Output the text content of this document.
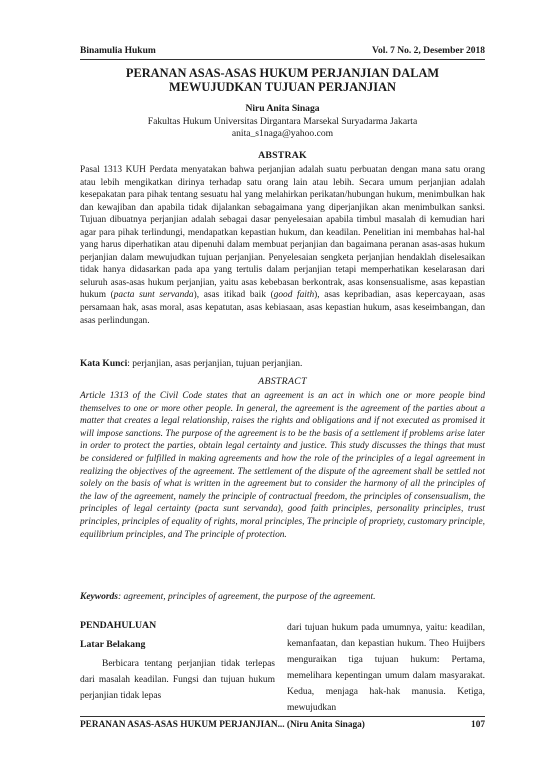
Binamulia Hukum	Vol. 7 No. 2, Desember 2018
PERANAN ASAS-ASAS HUKUM PERJANJIAN DALAM
MEWUJUDKAN TUJUAN PERJANJIAN
Niru Anita Sinaga
Fakultas Hukum Universitas Dirgantara Marsekal Suryadarma Jakarta
anita_s1naga@yahoo.com
ABSTRAK

Pasal 1313 KUH Perdata menyatakan bahwa perjanjian adalah suatu perbuatan dengan mana satu orang atau lebih mengikatkan dirinya terhadap satu orang lain atau lebih. Secara umum perjanjian adalah kesepakatan para pihak tentang sesuatu hal yang melahirkan perikatan/hubungan hukum, menimbulkan hak dan kewajiban dan apabila tidak dijalankan sebagaimana yang diperjanjikan akan menimbulkan sanksi. Tujuan dibuatnya perjanjian adalah sebagai dasar penyelesaian apabila timbul masalah di kemudian hari agar para pihak terlindungi, mendapatkan kepastian hukum, dan keadilan. Penelitian ini membahas hal-hal yang harus diperhatikan atau dipenuhi dalam membuat perjanjian dan bagaimana peranan asas-asas hukum perjanjian dalam mewujudkan tujuan perjanjian. Penyelesaian sengketa perjanjian hendaklah diselesaikan tidak hanya didasarkan pada apa yang tertulis dalam perjanjian tetapi memperhatikan keselarasan dari seluruh asas-asas hukum perjanjian, yaitu asas kebebasan berkontrak, asas konsensualisme, asas kepastian hukum (pacta sunt servanda), asas itikad baik (good faith), asas kepribadian, asas kepercayaan, asas persamaan hak, asas moral, asas kepatutan, asas kebiasaan, asas kepastian hukum, asas keseimbangan, dan asas perlindungan.

Kata Kunci: perjanjian, asas perjanjian, tujuan perjanjian.
ABSTRACT

Article 1313 of the Civil Code states that an agreement is an act in which one or more people bind themselves to one or more other people. In general, the agreement is the agreement of the parties about a matter that creates a legal relationship, raises the rights and obligations and if not executed as promised it will impose sanctions. The purpose of the agreement is to be the basis of a settlement if problems arise later in order to protect the parties, obtain legal certainty and justice. This study discusses the things that must be considered or fulfilled in making agreements and how the role of the principles of a legal agreement in realizing the objectives of the agreement. The settlement of the dispute of the agreement shall be settled not solely on the basis of what is written in the agreement but to consider the harmony of all the principles of the law of the agreement, namely the principle of contractual freedom, the principles of consensualism, the principles of legal certainty (pacta sunt servanda), good faith principles, personality principles, trust principles, principles of equality of rights, moral principles, The principle of propriety, customary principle, equilibrium principles, and The principle of protection.

Keywords: agreement, principles of agreement, the purpose of the agreement.

PENDAHULUAN

Latar Belakang

Berbicara tentang perjanjian tidak terlepas dari masalah keadilan. Fungsi dan tujuan hukum perjanjian tidak lepas

dari tujuan hukum pada umumnya, yaitu: keadilan, kemanfaatan, dan kepastian hukum. Theo Huijbers menguraikan tiga tujuan hukum: Pertama, memelihara kepentingan umum dalam masyarakat. Kedua, menjaga hak-hak manusia. Ketiga, mewujudkan

PERANAN ASAS-ASAS HUKUM PERJANJIAN... (Niru Anita Sinaga)	107
